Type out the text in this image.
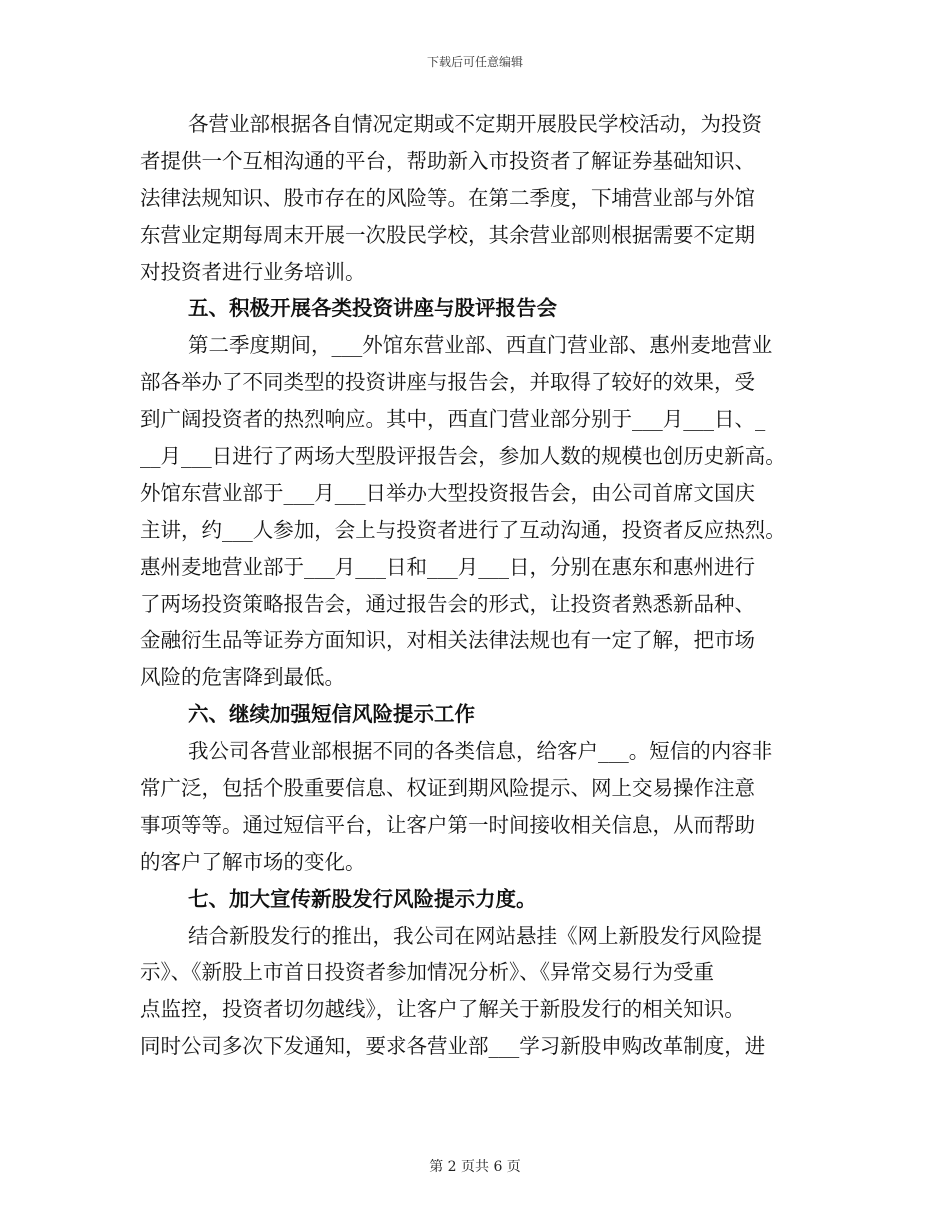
下载后可任意编辑
各营业部根据各自情况定期或不定期开展股民学校活动，为投资
者提供一个互相沟通的平台，帮助新入市投资者了解证券基础知识、
法律法规知识、股市存在的风险等。在第二季度，下埔营业部与外馆
东营业定期每周末开展一次股民学校，其余营业部则根据需要不定期
对投资者进行业务培训。
五、积极开展各类投资讲座与股评报告会
第二季度期间，___外馆东营业部、西直门营业部、惠州麦地营业
部各举办了不同类型的投资讲座与报告会，并取得了较好的效果，受
到广阔投资者的热烈响应。其中，西直门营业部分别于___月___日、_
__月___日进行了两场大型股评报告会，参加人数的规模也创历史新高。
外馆东营业部于___月___日举办大型投资报告会，由公司首席文国庆
主讲，约___人参加，会上与投资者进行了互动沟通，投资者反应热烈。
惠州麦地营业部于___月___日和___月___日，分别在惠东和惠州进行
了两场投资策略报告会，通过报告会的形式，让投资者熟悉新品种、
金融衍生品等证券方面知识，对相关法律法规也有一定了解，把市场
风险的危害降到最低。
六、继续加强短信风险提示工作
我公司各营业部根据不同的各类信息，给客户___。短信的内容非
常广泛，包括个股重要信息、权证到期风险提示、网上交易操作注意
事项等等。通过短信平台，让客户第一时间接收相关信息，从而帮助
的客户了解市场的变化。
七、加大宣传新股发行风险提示力度。
结合新股发行的推出，我公司在网站悬挂《网上新股发行风险提
示》、《新股上市首日投资者参加情况分析》、《异常交易行为受重
点监控，投资者切勿越线》，让客户了解关于新股发行的相关知识。
同时公司多次下发通知，要求各营业部___学习新股申购改革制度，进
第 2 页共 6 页
